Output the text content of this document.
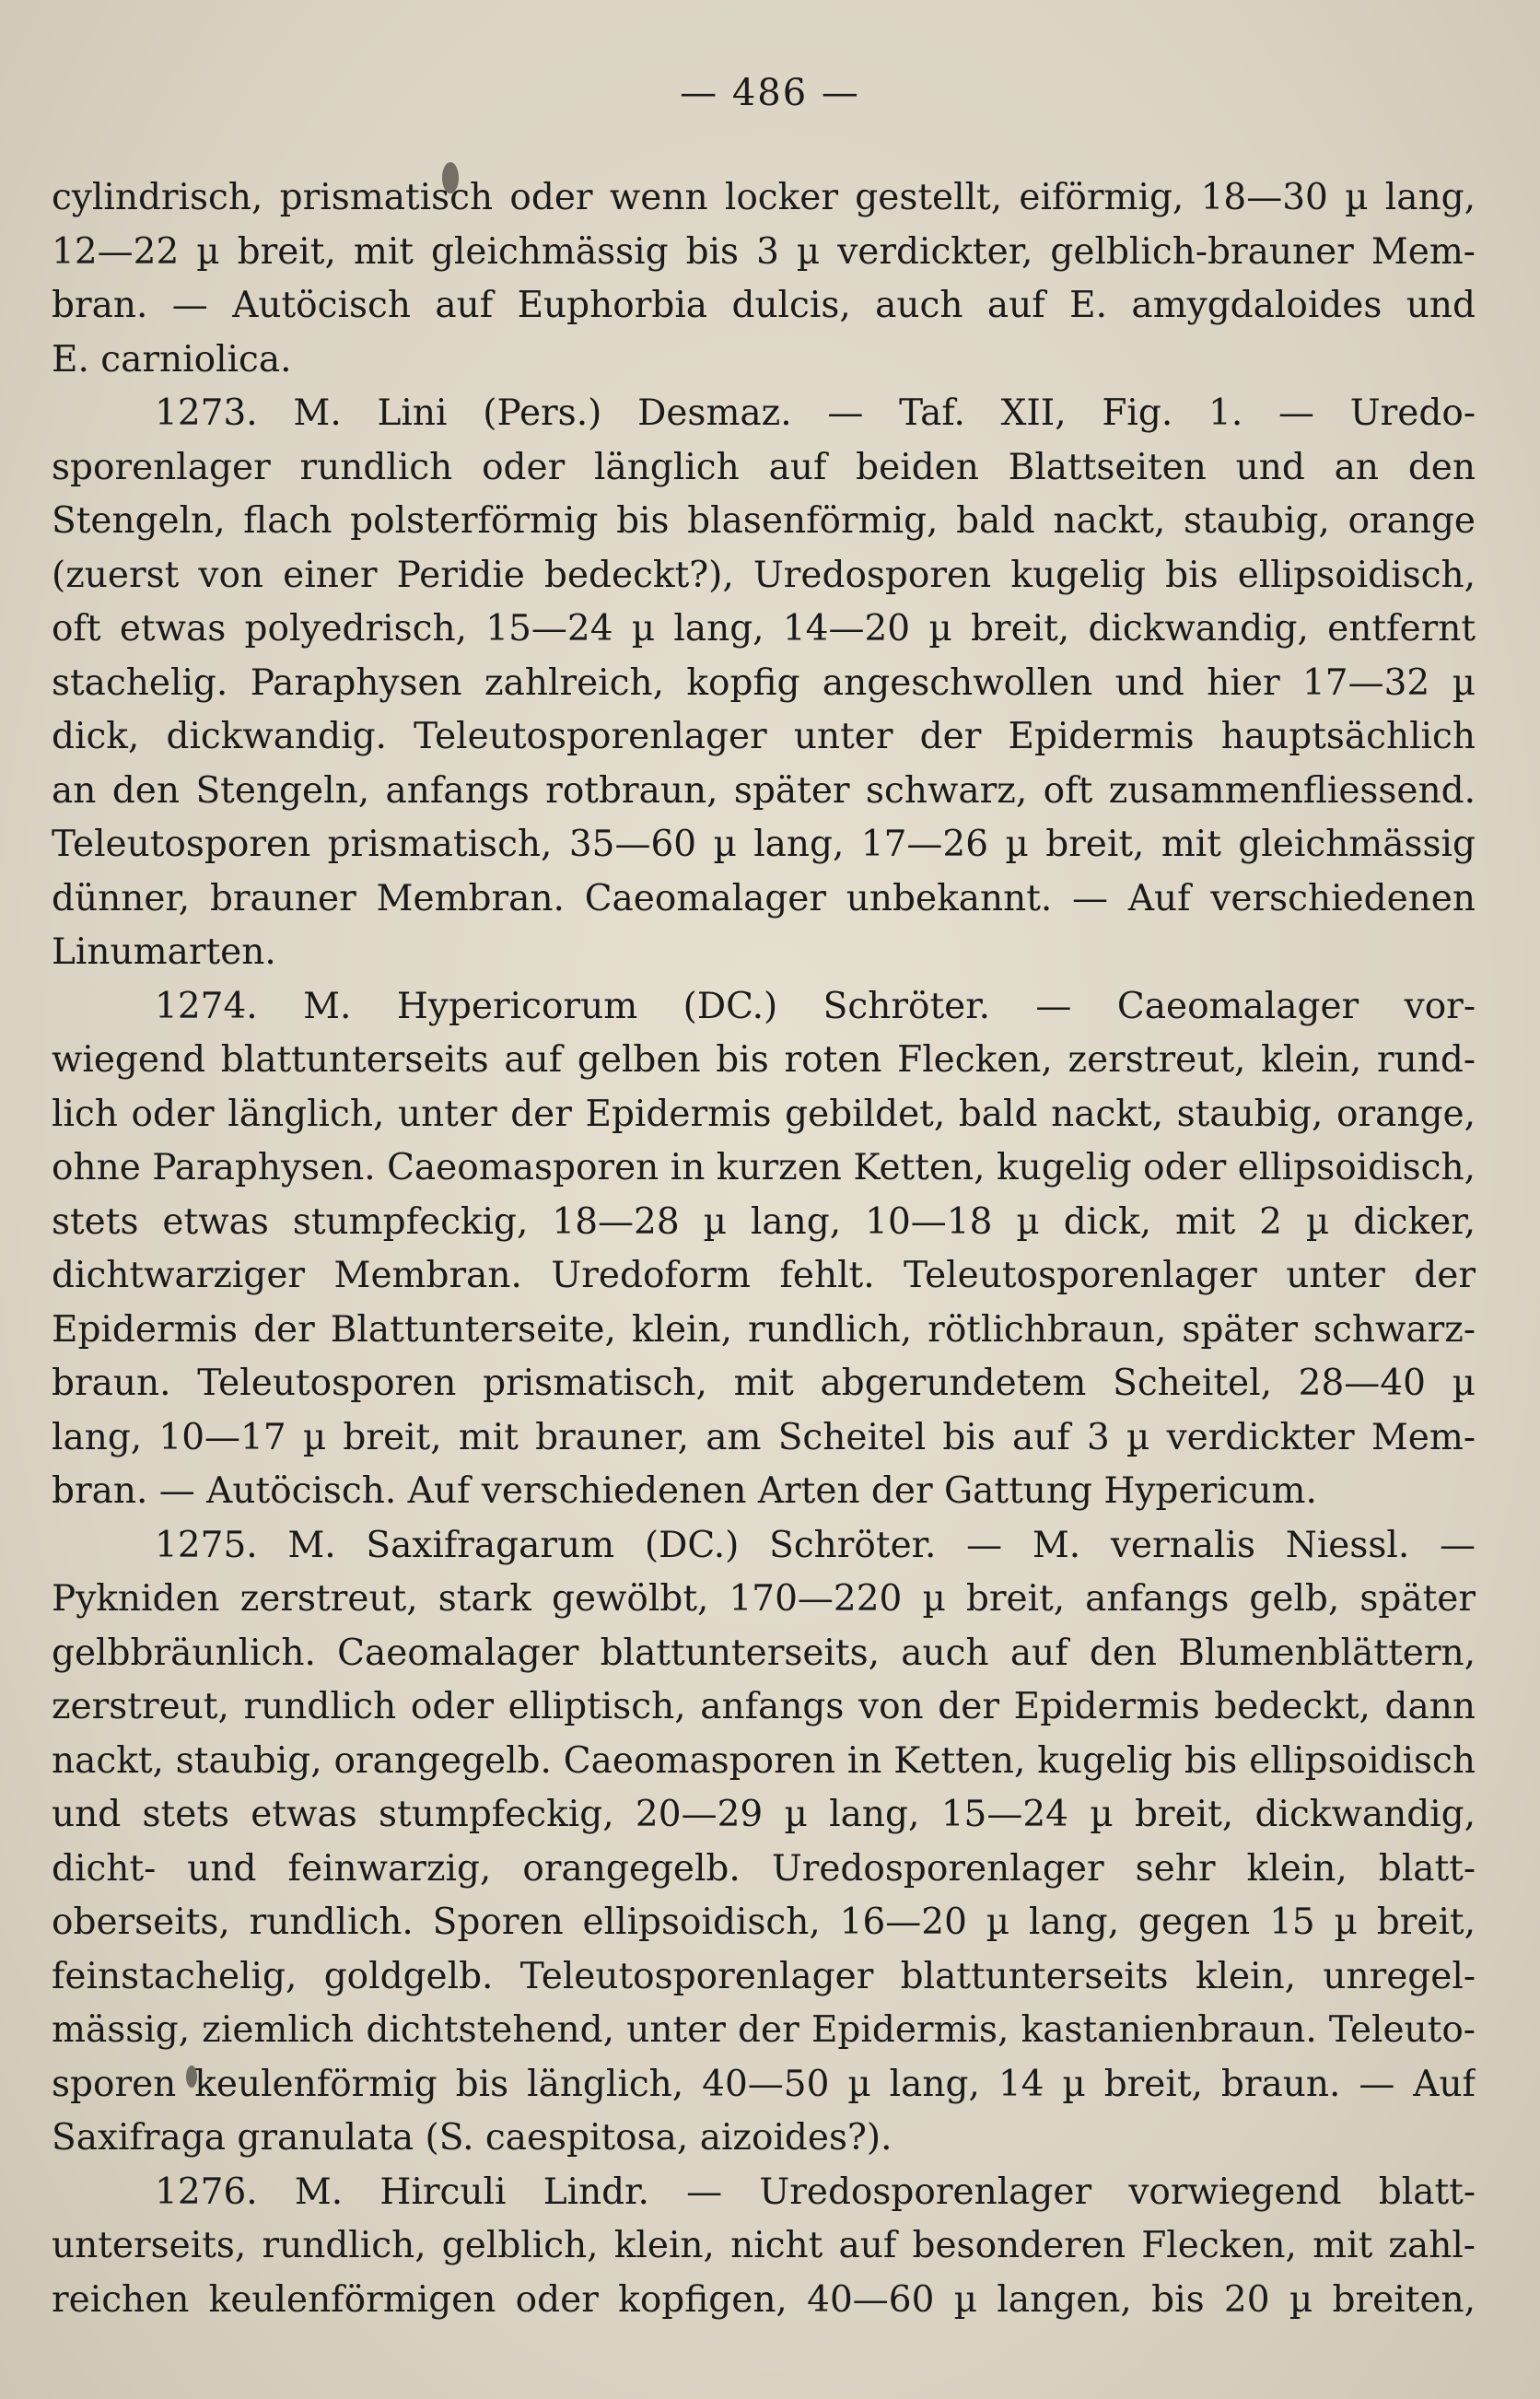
— 486 —
cylindrisch, prismatisch oder wenn locker gestellt, eiförmig, 18—30 µ lang,
12—22 µ breit, mit gleichmässig bis 3 µ verdickter, gelblich-brauner Mem-
bran. — Autöcisch auf Euphorbia dulcis, auch auf E. amygdaloides und
E. carniolica.
1273. M. Lini (Pers.) Desmaz. — Taf. XII, Fig. 1. — Uredo-
sporenlager rundlich oder länglich auf beiden Blattseiten und an den
Stengeln, flach polsterförmig bis blasenförmig, bald nackt, staubig, orange
(zuerst von einer Peridie bedeckt?), Uredosporen kugelig bis ellipsoidisch,
oft etwas polyedrisch, 15—24 µ lang, 14—20 µ breit, dickwandig, entfernt
stachelig. Paraphysen zahlreich, kopfig angeschwollen und hier 17—32 µ
dick, dickwandig. Teleutosporenlager unter der Epidermis hauptsächlich
an den Stengeln, anfangs rotbraun, später schwarz, oft zusammenfliessend.
Teleutosporen prismatisch, 35—60 µ lang, 17—26 µ breit, mit gleichmässig
dünner, brauner Membran. Caeomalager unbekannt. — Auf verschiedenen
Linumarten.
1274. M. Hypericorum (DC.) Schröter. — Caeomalager vor-
wiegend blattunterseits auf gelben bis roten Flecken, zerstreut, klein, rund-
lich oder länglich, unter der Epidermis gebildet, bald nackt, staubig, orange,
ohne Paraphysen. Caeomasporen in kurzen Ketten, kugelig oder ellipsoidisch,
stets etwas stumpfeckig, 18—28 µ lang, 10—18 µ dick, mit 2 µ dicker,
dichtwarziger Membran. Uredoform fehlt. Teleutosporenlager unter der
Epidermis der Blattunterseite, klein, rundlich, rötlichbraun, später schwarz-
braun. Teleutosporen prismatisch, mit abgerundetem Scheitel, 28—40 µ
lang, 10—17 µ breit, mit brauner, am Scheitel bis auf 3 µ verdickter Mem-
bran. — Autöcisch. Auf verschiedenen Arten der Gattung Hypericum.
1275. M. Saxifragarum (DC.) Schröter. — M. vernalis Niessl. —
Pykniden zerstreut, stark gewölbt, 170—220 µ breit, anfangs gelb, später
gelbbräunlich. Caeomalager blattunterseits, auch auf den Blumenblättern,
zerstreut, rundlich oder elliptisch, anfangs von der Epidermis bedeckt, dann
nackt, staubig, orangegelb. Caeomasporen in Ketten, kugelig bis ellipsoidisch
und stets etwas stumpfeckig, 20—29 µ lang, 15—24 µ breit, dickwandig,
dicht- und feinwarzig, orangegelb. Uredosporenlager sehr klein, blatt-
oberseits, rundlich. Sporen ellipsoidisch, 16—20 µ lang, gegen 15 µ breit,
feinstachelig, goldgelb. Teleutosporenlager blattunterseits klein, unregel-
mässig, ziemlich dichtstehend, unter der Epidermis, kastanienbraun. Teleuto-
sporen keulenförmig bis länglich, 40—50 µ lang, 14 µ breit, braun. — Auf
Saxifraga granulata (S. caespitosa, aizoides?).
1276. M. Hirculi Lindr. — Uredosporenlager vorwiegend blatt-
unterseits, rundlich, gelblich, klein, nicht auf besonderen Flecken, mit zahl-
reichen keulenförmigen oder kopfigen, 40—60 µ langen, bis 20 µ breiten,
